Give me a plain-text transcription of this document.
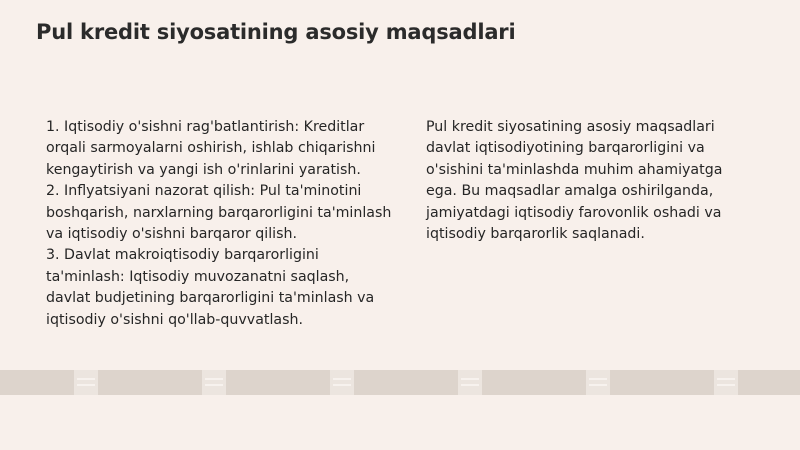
Pul kredit siyosatining asosiy maqsadlari

1. Iqtisodiy o'sishni rag'batlantirish: Kreditlar orqali sarmoyalarni oshirish, ishlab chiqarishni kengaytirish va yangi ish o'rinlarini yaratish.

2. Inflyatsiyani nazorat qilish: Pul ta'minotini boshqarish, narxlarning barqarorligini ta'minlash va iqtisodiy o'sishni barqaror qilish.

3. Davlat makroiqtisodiy barqarorligini ta'minlash: Iqtisodiy muvozanatni saqlash, davlat budjetining barqarorligini ta'minlash va iqtisodiy o'sishni qo'llab-quvvatlash.

Pul kredit siyosatining asosiy maqsadlari davlat iqtisodiyotining barqarorligini va o'sishini ta'minlashda muhim ahamiyatga ega. Bu maqsadlar amalga oshirilganda, jamiyatdagi iqtisodiy farovonlik oshadi va iqtisodiy barqarorlik saqlanadi.
